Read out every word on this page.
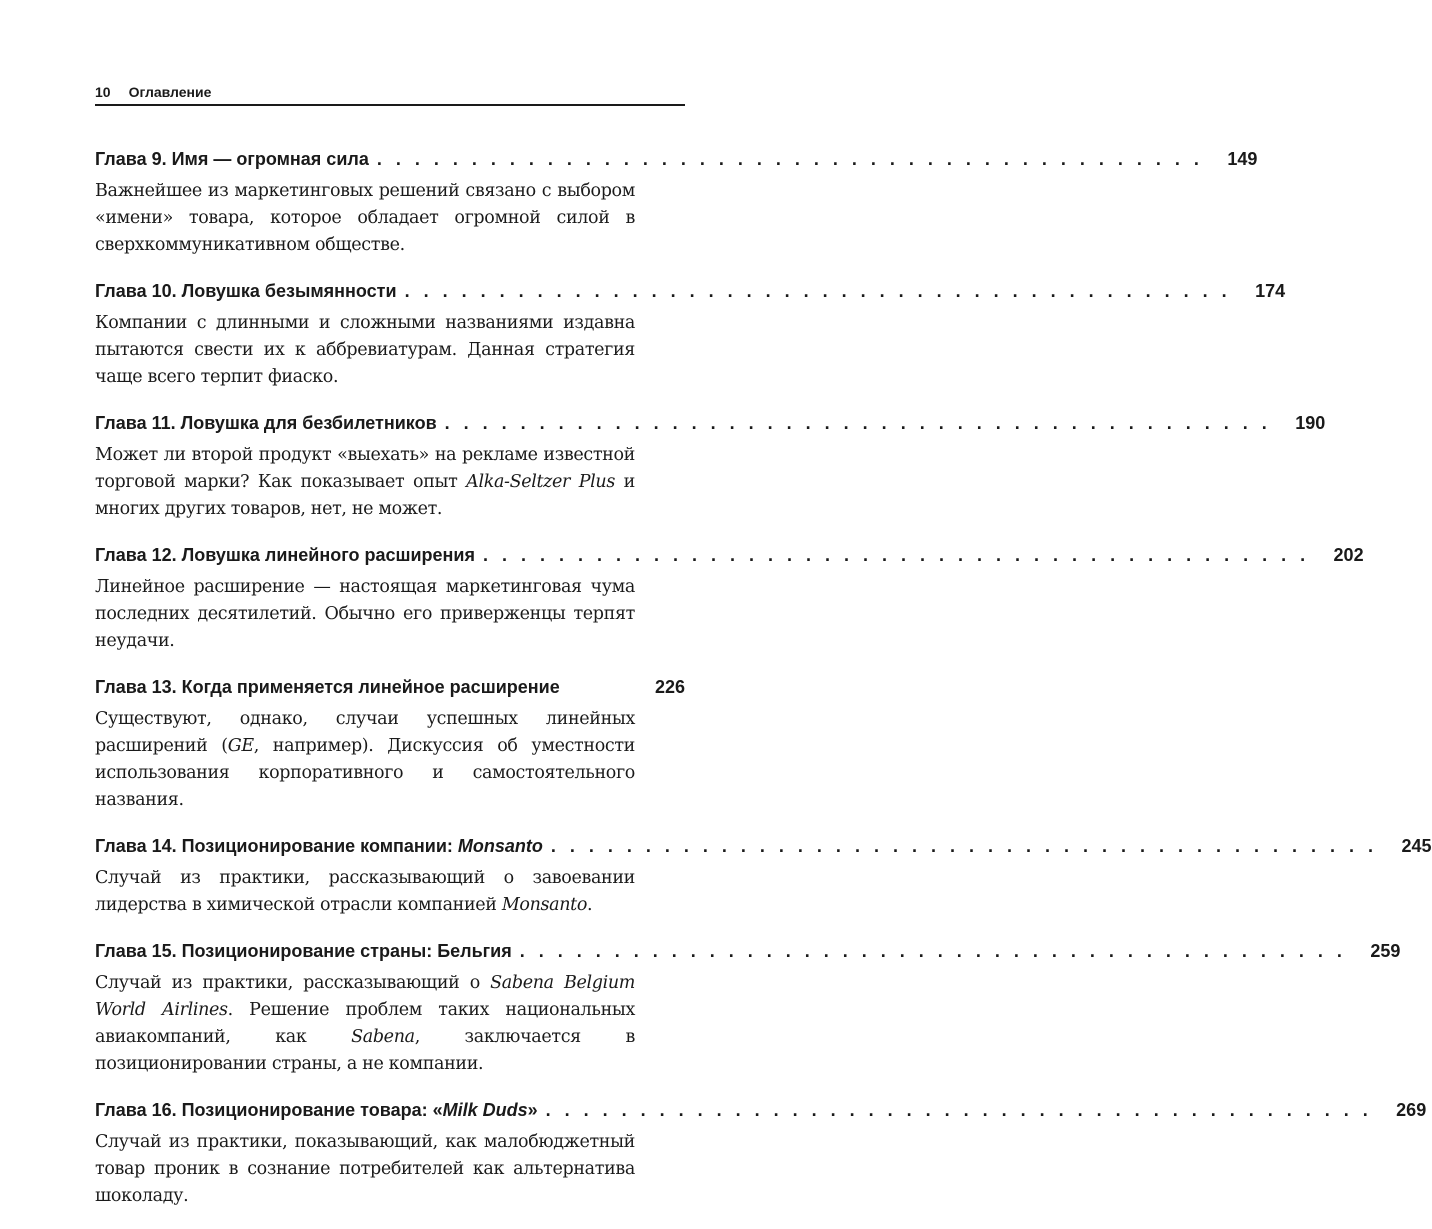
10 Оглавление
Глава 9. Имя — огромная сила . . . . . . . . . . . . . . . . . . . . . . . . . . . . . . . . . . . . . . . . . . . .	149
Важнейшее из маркетинговых решений связано с выбором «имени» товара, которое обладает огромной силой в сверхкоммуникативном обществе.
Глава 10. Ловушка безымянности . . . . . . . . . . . . . . . . . . . . . . . . . . . . . . . . . . . . . . . . . . . .	174
Компании с длинными и сложными названиями издавна пытаются свести их к аббревиатурам. Данная стратегия чаще всего терпит фиаско.
Глава 11. Ловушка для безбилетников . . . . . . . . . . . . . . . . . . . . . . . . . . . . . . . . . . . . . . . . . . . .	190
Может ли второй продукт «выехать» на рекламе известной торговой марки? Как показывает опыт Alka-Seltzer Plus и многих других товаров, нет, не может.
Глава 12. Ловушка линейного расширения . . . . . . . . . . . . . . . . . . . . . . . . . . . . . . . . . . . . . . . . . . . .	202
Линейное расширение — настоящая маркетинговая чума последних десятилетий. Обычно его приверженцы терпят неудачи.
Глава 13. Когда применяется линейное расширение	226
Существуют, однако, случаи успешных линейных расширений (GE, например). Дискуссия об уместности использования корпоративного и самостоятельного названия.
Глава 14. Позиционирование компании: Monsanto . . . . . . . . . . . . . . . . . . . . . . . . . . . . . . . . . . . . . . . . . . . .	245
Случай из практики, рассказывающий о завоевании лидерства в химической отрасли компанией Monsanto.
Глава 15. Позиционирование страны: Бельгия . . . . . . . . . . . . . . . . . . . . . . . . . . . . . . . . . . . . . . . . . . . .	259
Случай из практики, рассказывающий о Sabena Belgium World Airlines. Решение проблем таких национальных авиакомпаний, как Sabena, заключается в позиционировании страны, а не компании.
Глава 16. Позиционирование товара: «Milk Duds» . . . . . . . . . . . . . . . . . . . . . . . . . . . . . . . . . . . . . . . . . . . .	269
Случай из практики, показывающий, как малобюджетный товар проник в сознание потребителей как альтернатива шоколаду.
